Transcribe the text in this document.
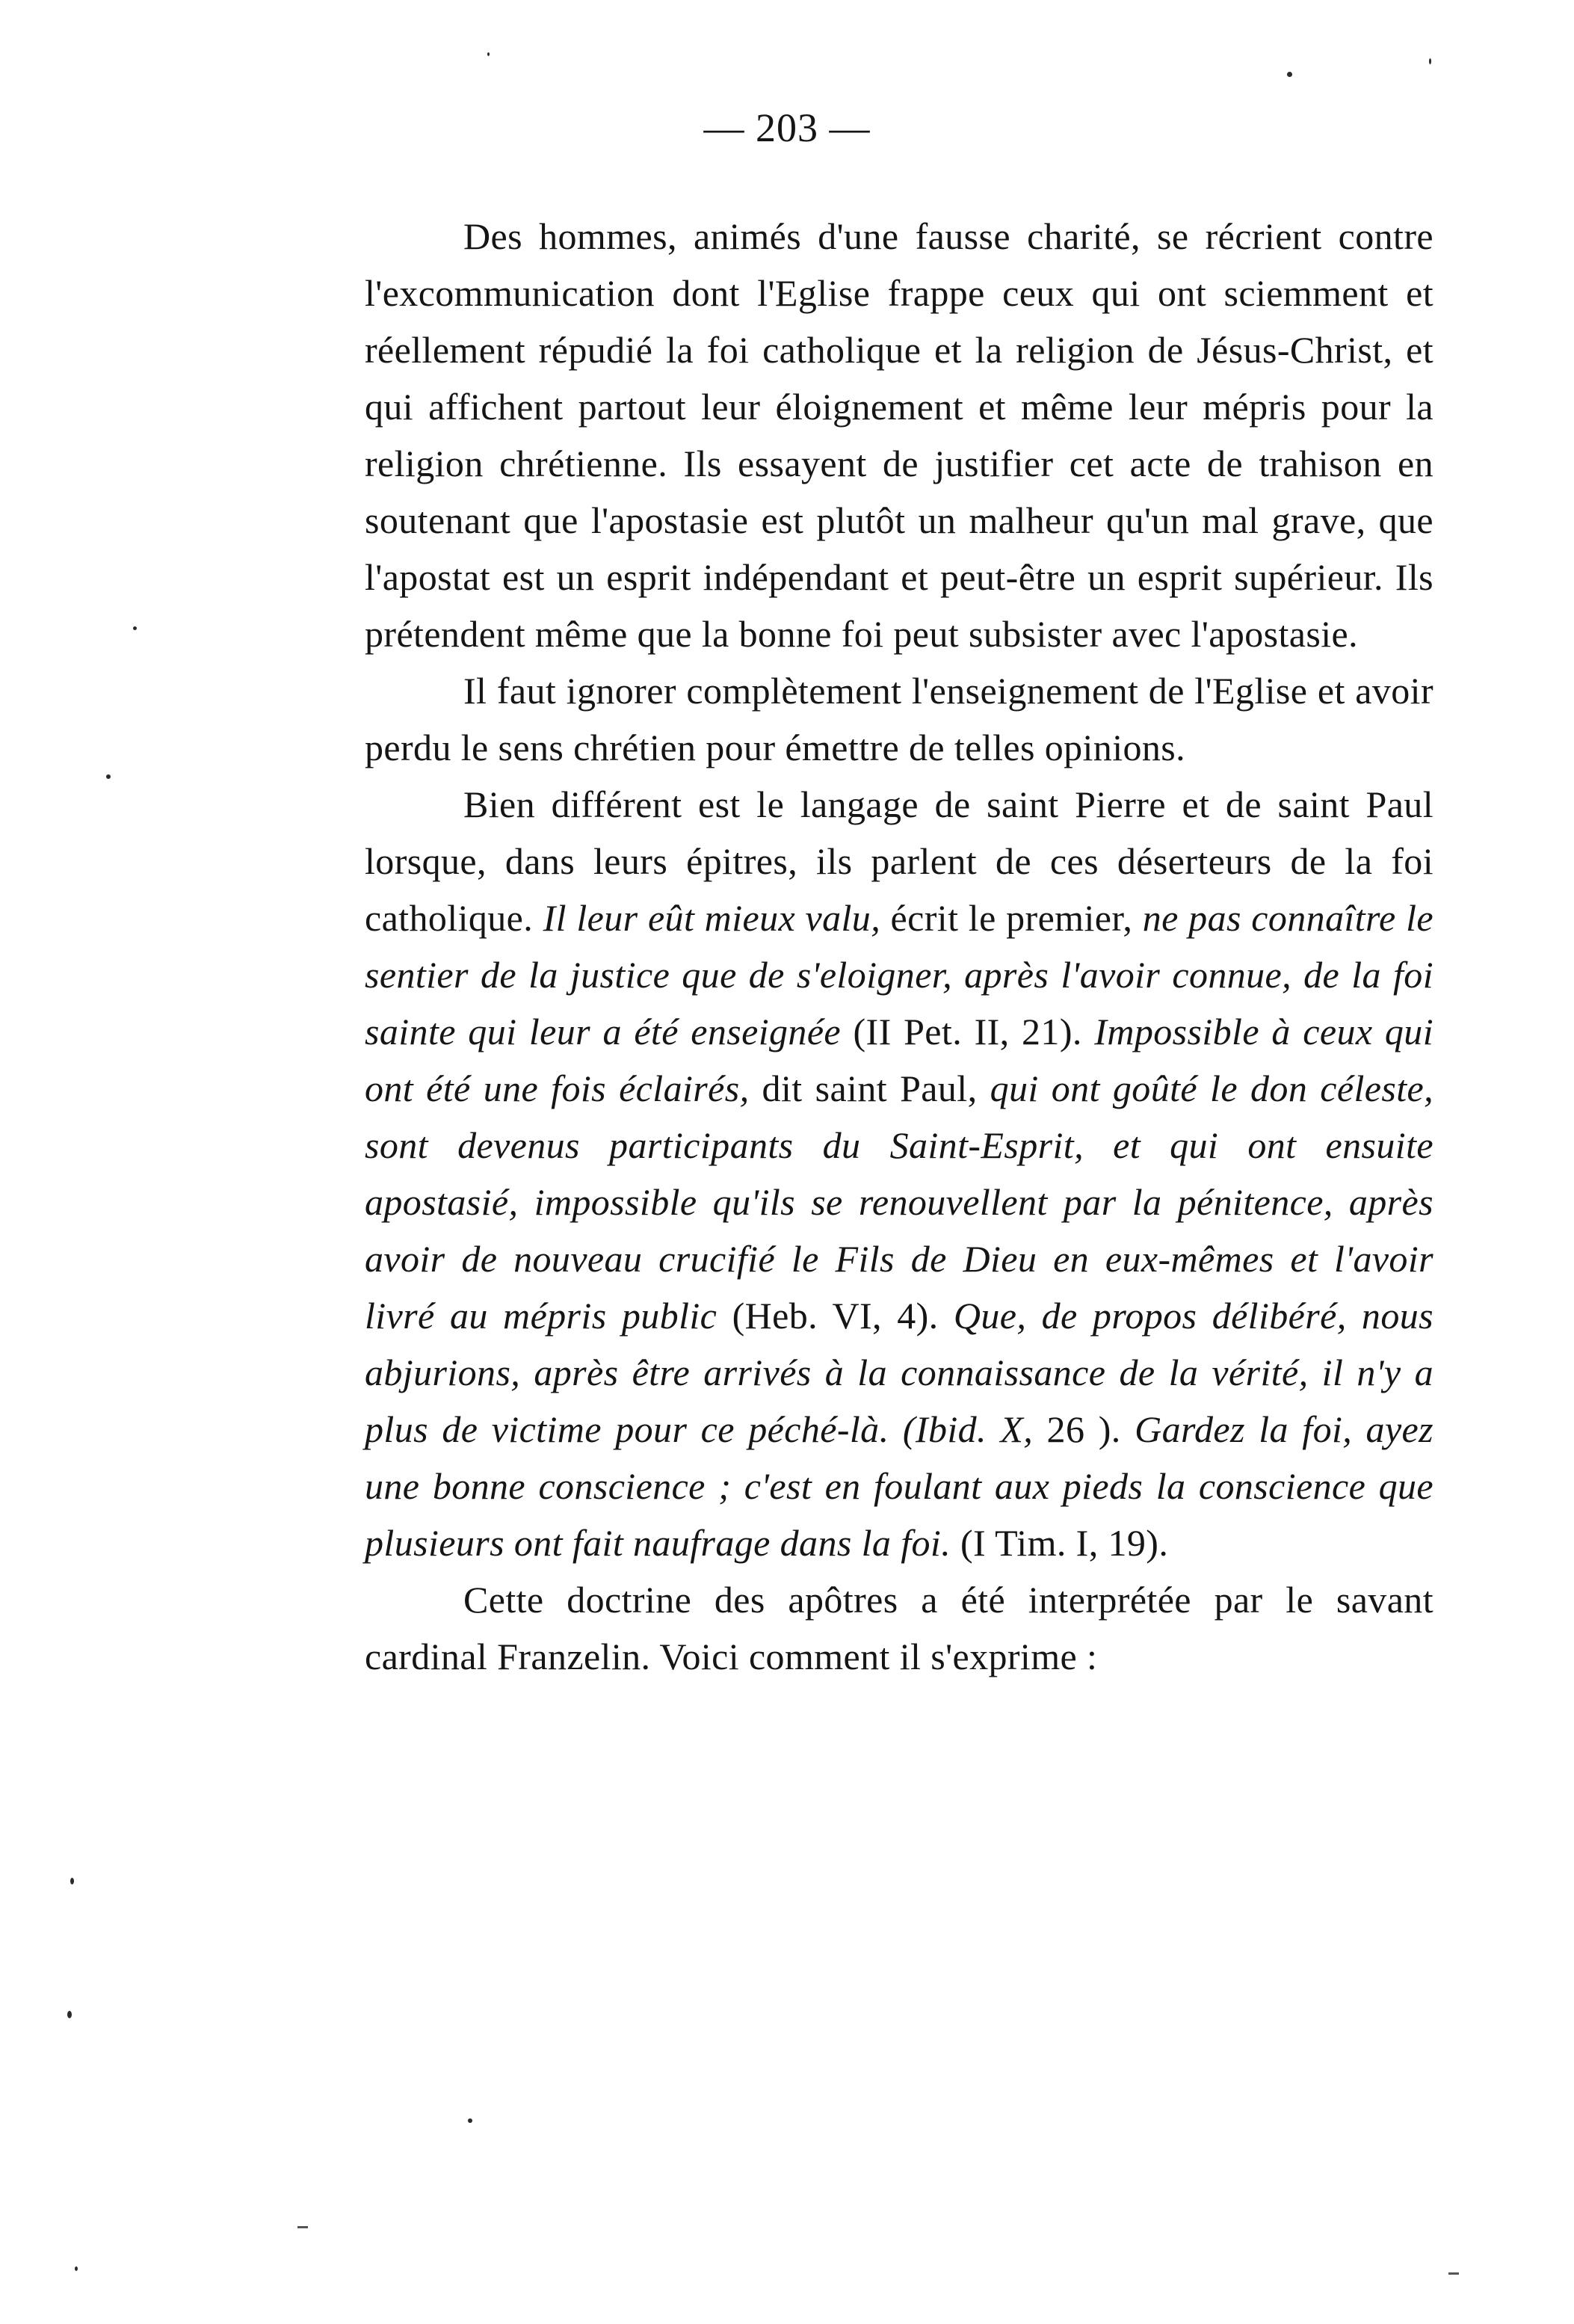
— 203 —

Des hommes, animés d'une fausse charité, se récrient contre l'excommunication dont l'Eglise frappe ceux qui ont sciemment et réellement répudié la foi catholique et la religion de Jésus-Christ, et qui affichent partout leur éloignement et même leur mépris pour la religion chrétienne. Ils essayent de justifier cet acte de trahison en soutenant que l'apostasie est plutôt un malheur qu'un mal grave, que l'apostat est un esprit indépendant et peut-être un esprit supérieur. Ils prétendent même que la bonne foi peut subsister avec l'apostasie.

Il faut ignorer complètement l'enseignement de l'Eglise et avoir perdu le sens chrétien pour émettre de telles opinions.

Bien différent est le langage de saint Pierre et de saint Paul lorsque, dans leurs épitres, ils parlent de ces déserteurs de la foi catholique. Il leur eût mieux valu, écrit le premier, ne pas connaître le sentier de la justice que de s'eloigner, après l'avoir connue, de la foi sainte qui leur a été enseignée (II Pet. II, 21). Impossible à ceux qui ont été une fois éclairés, dit saint Paul, qui ont goûté le don céleste, sont devenus participants du Saint-Esprit, et qui ont ensuite apostasié, impossible qu'ils se renouvellent par la pénitence, après avoir de nouveau crucifié le Fils de Dieu en eux-mêmes et l'avoir livré au mépris public (Heb. VI, 4). Que, de propos délibéré, nous abjurions, après être arrivés à la connaissance de la vérité, il n'y a plus de victime pour ce péché-là. (Ibid. X, 26 ). Gardez la foi, ayez une bonne conscience ; c'est en foulant aux pieds la conscience que plusieurs ont fait naufrage dans la foi. (I Tim. I, 19).

Cette doctrine des apôtres a été interprétée par le savant cardinal Franzelin. Voici comment il s'exprime :
